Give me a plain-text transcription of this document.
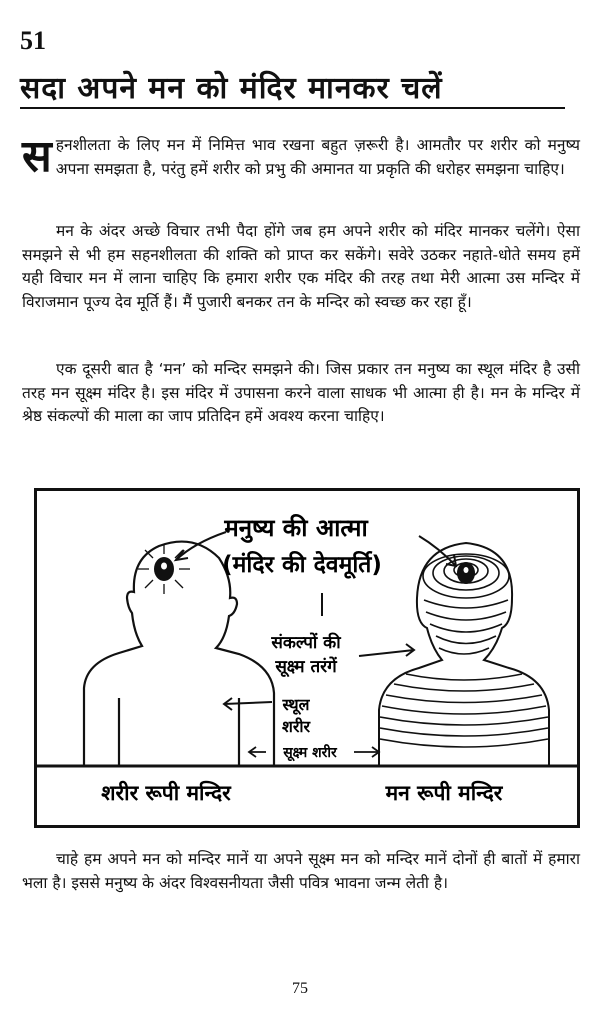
51
सदा अपने मन को मंदिर मानकर चलें
सहनशीलता के लिए मन में निमित्त भाव रखना बहुत ज़रूरी है। आमतौर पर शरीर को मनुष्य अपना समझता है, परंतु हमें शरीर को प्रभु की अमानत या प्रकृति की धरोहर समझना चाहिए।
मन के अंदर अच्छे विचार तभी पैदा होंगे जब हम अपने शरीर को मंदिर मानकर चलेंगे। ऐसा समझने से भी हम सहनशीलता की शक्ति को प्राप्त कर सकेंगे। सवेरे उठकर नहाते-धोते समय हमें यही विचार मन में लाना चाहिए कि हमारा शरीर एक मंदिर की तरह तथा मेरी आत्मा उस मन्दिर में विराजमान पूज्य देव मूर्ति हैं। मैं पुजारी बनकर तन के मन्दिर को स्वच्छ कर रहा हूँ।
एक दूसरी बात है ‘मन’ को मन्दिर समझने की। जिस प्रकार तन मनुष्य का स्थूल मंदिर है उसी तरह मन सूक्ष्म मंदिर है। इस मंदिर में उपासना करने वाला साधक भी आत्मा ही है। मन के मन्दिर में श्रेष्ठ संकल्पों की माला का जाप प्रतिदिन हमें अवश्य करना चाहिए।
मनुष्य की आत्मा
(मंदिर की देवमूर्ति)
संकल्पों की
सूक्ष्म तरंगें
स्थूल
शरीर
सूक्ष्म शरीर
शरीर रूपी मन्दिर	मन रूपी मन्दिर
चाहे हम अपने मन को मन्दिर मानें या अपने सूक्ष्म मन को मन्दिर मानें दोनों ही बातों में हमारा भला है। इससे मनुष्य के अंदर विश्वसनीयता जैसी पवित्र भावना जन्म लेती है।
75
